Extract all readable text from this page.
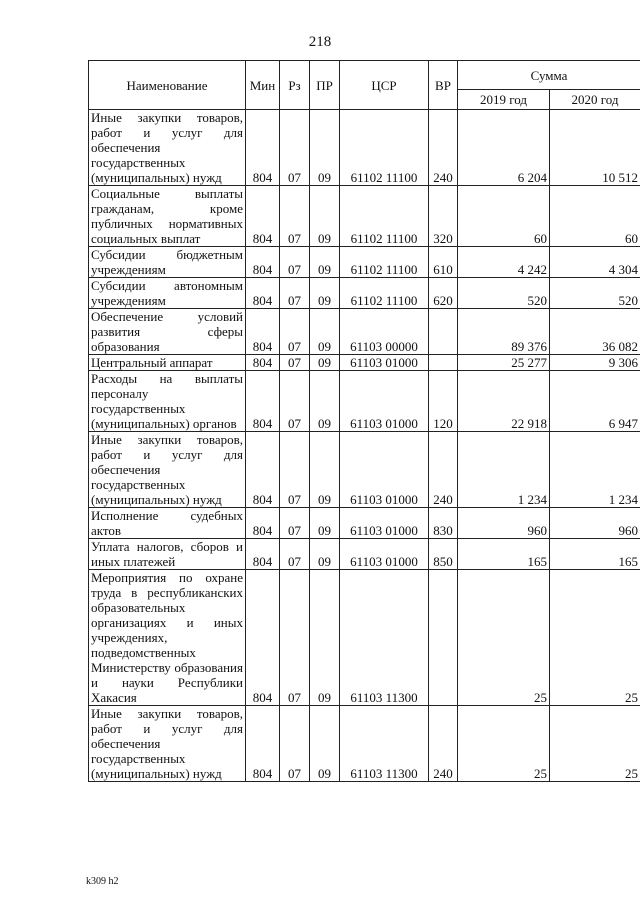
218
Наименование	Мин	Рз	ПР	ЦСР	ВР	Сумма	
						2019 год	2020 год
Иные закупки товаров, работ и услуг для обеспечения государственных (муниципальных) нужд	804	07	09	61102 11100	240	6 204	10 512
Социальные выплаты гражданам, кроме публичных нормативных социальных выплат	804	07	09	61102 11100	320	60	60
Субсидии бюджетным учреждениям	804	07	09	61102 11100	610	4 242	4 304
Субсидии автономным учреждениям	804	07	09	61102 11100	620	520	520
Обеспечение условий развития сферы образования	804	07	09	61103 00000		89 376	36 082
Центральный аппарат	804	07	09	61103 01000		25 277	9 306
Расходы на выплаты персоналу государственных (муниципальных) органов	804	07	09	61103 01000	120	22 918	6 947
Иные закупки товаров, работ и услуг для обеспечения государственных (муниципальных) нужд	804	07	09	61103 01000	240	1 234	1 234
Исполнение судебных актов	804	07	09	61103 01000	830	960	960
Уплата налогов, сборов и иных платежей	804	07	09	61103 01000	850	165	165
Мероприятия по охране труда в республиканских образовательных организациях и иных учреждениях, подведомственных Министерству образования и науки Республики Хакасия	804	07	09	61103 11300		25	25
Иные закупки товаров, работ и услуг для обеспечения государственных (муниципальных) нужд	804	07	09	61103 11300	240	25	25
k309 h2
